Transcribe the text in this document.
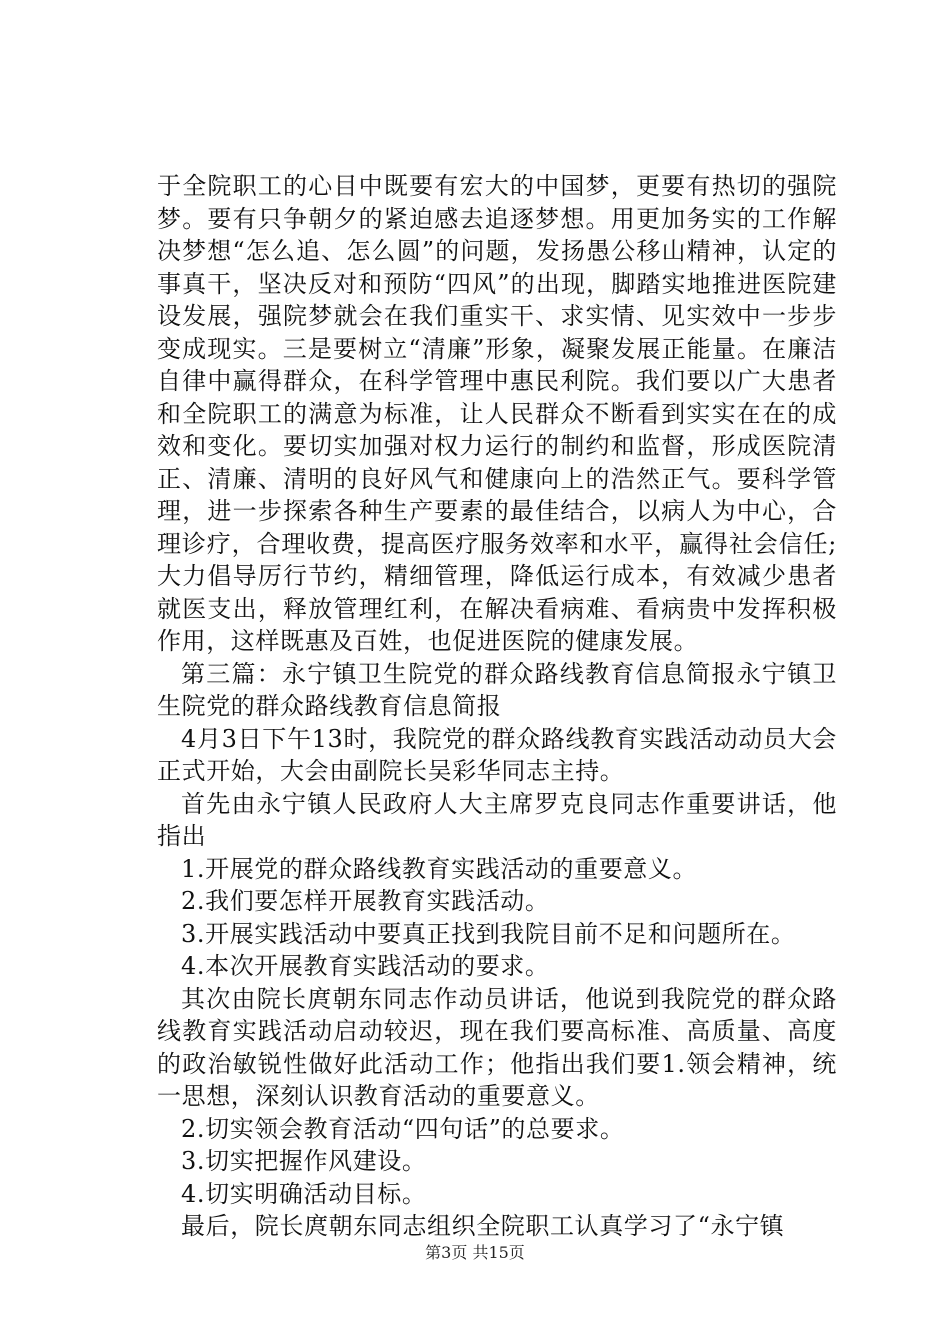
于全院职工的心目中既要有宏大的中国梦，更要有热切的强院梦。要有只争朝夕的紧迫感去追逐梦想。用更加务实的工作解决梦想“怎么追、怎么圆”的问题，发扬愚公移山精神，认定的事真干，坚决反对和预防“四风”的出现，脚踏实地推进医院建设发展，强院梦就会在我们重实干、求实情、见实效中一步步变成现实。三是要树立“清廉”形象，凝聚发展正能量。在廉洁自律中赢得群众，在科学管理中惠民利院。我们要以广大患者和全院职工的满意为标准，让人民群众不断看到实实在在的成效和变化。要切实加强对权力运行的制约和监督，形成医院清正、清廉、清明的良好风气和健康向上的浩然正气。要科学管理，进一步探索各种生产要素的最佳结合，以病人为中心，合理诊疗，合理收费，提高医疗服务效率和水平，赢得社会信任;大力倡导厉行节约，精细管理，降低运行成本，有效减少患者就医支出，释放管理红利，在解决看病难、看病贵中发挥积极作用，这样既惠及百姓，也促进医院的健康发展。

第三篇：永宁镇卫生院党的群众路线教育信息简报永宁镇卫生院党的群众路线教育信息简报

4月3日下午13时，我院党的群众路线教育实践活动动员大会正式开始，大会由副院长吴彩华同志主持。

首先由永宁镇人民政府人大主席罗克良同志作重要讲话，他指出

1.开展党的群众路线教育实践活动的重要意义。

2.我们要怎样开展教育实践活动。

3.开展实践活动中要真正找到我院目前不足和问题所在。

4.本次开展教育实践活动的要求。

其次由院长庹朝东同志作动员讲话，他说到我院党的群众路线教育实践活动启动较迟，现在我们要高标准、高质量、高度的政治敏锐性做好此活动工作；他指出我们要1.领会精神，统一思想，深刻认识教育活动的重要意义。

2.切实领会教育活动“四句话”的总要求。

3.切实把握作风建设。

4.切实明确活动目标。

最后，院长庹朝东同志组织全院职工认真学习了“永宁镇

第3页 共15页
